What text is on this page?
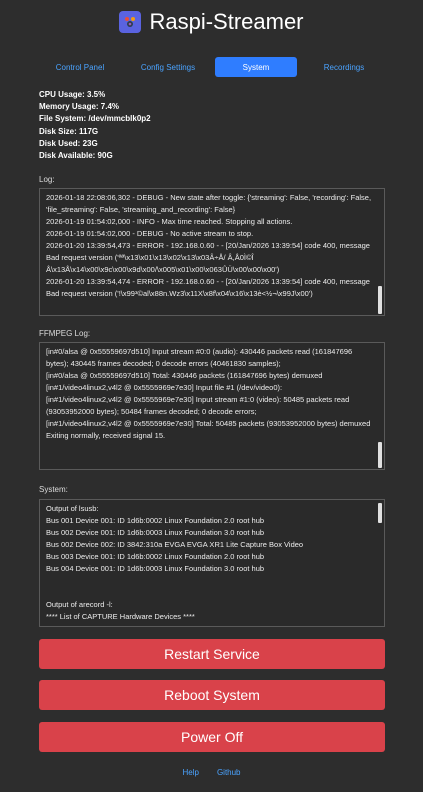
Raspi-Streamer
Control Panel	Config Settings	System	Recordings
CPU Usage: 3.5%
Memory Usage: 7.4%
File System: /dev/mmcblk0p2
Disk Size: 117G
Disk Used: 23G
Disk Available: 90G
Log:
2026-01-18 22:08:06,302 - DEBUG - New state after toggle: {'streaming': False, 'recording': False, 'file_streaming': False, 'streaming_and_recording': False}
2026-01-19 01:54:02,000 - INFO - Max time reached. Stopping all actions.
2026-01-19 01:54:02,000 - DEBUG - No active stream to stop.
2026-01-20 13:39:54,473 - ERROR - 192.168.0.60 - - [20/Jan/2026 13:39:54] code 400, message Bad request version ('ªª\x13\x01\x13\x02\x13\x03Â÷Å/ Â,Å0Ì©Î Å\x13Å\x14\x00\x9c\x00\x9d\x00/\x005\x01\x00\x063ÛÜ\x00\x00\x00')
2026-01-20 13:39:54,474 - ERROR - 192.168.0.60 - - [20/Jan/2026 13:39:54] code 400, message Bad request version ('!\x99³©al\x88n.Wz3\x11X\x8f\x04\x16\x13è<½¬\x99J\x00')
FFMPEG Log:
[in#0/alsa @ 0x55559697d510] Input stream #0:0 (audio): 430446 packets read (161847696 bytes); 430445 frames decoded; 0 decode errors (40461830 samples);
[in#0/alsa @ 0x55559697d510] Total: 430446 packets (161847696 bytes) demuxed
[in#1/video4linux2,v4l2 @ 0x5555969e7e30] Input file #1 (/dev/video0):
[in#1/video4linux2,v4l2 @ 0x5555969e7e30] Input stream #1:0 (video): 50485 packets read (93053952000 bytes); 50484 frames decoded; 0 decode errors;
[in#1/video4linux2,v4l2 @ 0x5555969e7e30] Total: 50485 packets (93053952000 bytes) demuxed
Exiting normally, received signal 15.
System:
Output of lsusb:
Bus 001 Device 001: ID 1d6b:0002 Linux Foundation 2.0 root hub
Bus 002 Device 001: ID 1d6b:0003 Linux Foundation 3.0 root hub
Bus 002 Device 002: ID 3842:310a EVGA EVGA XR1 Lite Capture Box Video
Bus 003 Device 001: ID 1d6b:0002 Linux Foundation 2.0 root hub
Bus 004 Device 001: ID 1d6b:0003 Linux Foundation 3.0 root hub
Output of arecord -l:
**** List of CAPTURE Hardware Devices ****
Restart Service
Reboot System
Power Off
Help Github
